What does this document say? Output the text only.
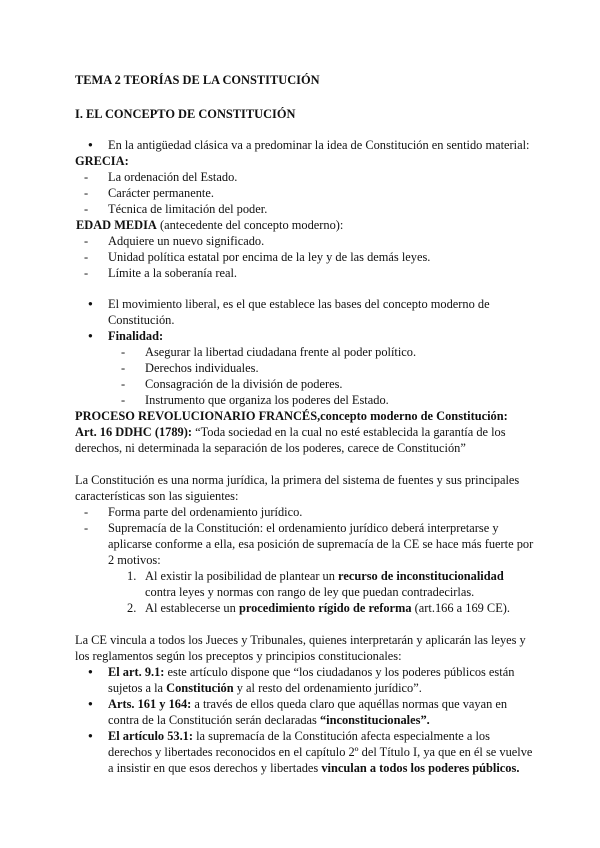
TEMA 2 TEORÍAS DE LA CONSTITUCIÓN
I. EL CONCEPTO DE CONSTITUCIÓN
● En la antigüedad clásica va a predominar la idea de Constitución en sentido material:
GRECIA:
- La ordenación del Estado.
- Carácter permanente.
- Técnica de limitación del poder.
EDAD MEDIA (antecedente del concepto moderno):
- Adquiere un nuevo significado.
- Unidad política estatal por encima de la ley y de las demás leyes.
- Límite a la soberanía real.
● El movimiento liberal, es el que establece las bases del concepto moderno de
Constitución.
● Finalidad:
- Asegurar la libertad ciudadana frente al poder político.
- Derechos individuales.
- Consagración de la división de poderes.
- Instrumento que organiza los poderes del Estado.
PROCESO REVOLUCIONARIO FRANCÉS,concepto moderno de Constitución:
Art. 16 DDHC (1789): “Toda sociedad en la cual no esté establecida la garantía de los
derechos, ni determinada la separación de los poderes, carece de Constitución”
La Constitución es una norma jurídica, la primera del sistema de fuentes y sus principales
características son las siguientes:
- Forma parte del ordenamiento jurídico.
- Supremacía de la Constitución: el ordenamiento jurídico deberá interpretarse y
aplicarse conforme a ella, esa posición de supremacía de la CE se hace más fuerte por
2 motivos:
1. Al existir la posibilidad de plantear un recurso de inconstitucionalidad
contra leyes y normas con rango de ley que puedan contradecirlas.
2. Al establecerse un procedimiento rígido de reforma (art.166 a 169 CE).
La CE vincula a todos los Jueces y Tribunales, quienes interpretarán y aplicarán las leyes y
los reglamentos según los preceptos y principios constitucionales:
● El art. 9.1: este artículo dispone que “los ciudadanos y los poderes públicos están
sujetos a la Constitución y al resto del ordenamiento jurídico”.
● Arts. 161 y 164: a través de ellos queda claro que aquéllas normas que vayan en
contra de la Constitución serán declaradas “inconstitucionales”.
● El artículo 53.1: la supremacía de la Constitución afecta especialmente a los
derechos y libertades reconocidos en el capítulo 2º del Título I, ya que en él se vuelve
a insistir en que esos derechos y libertades vinculan a todos los poderes públicos.
